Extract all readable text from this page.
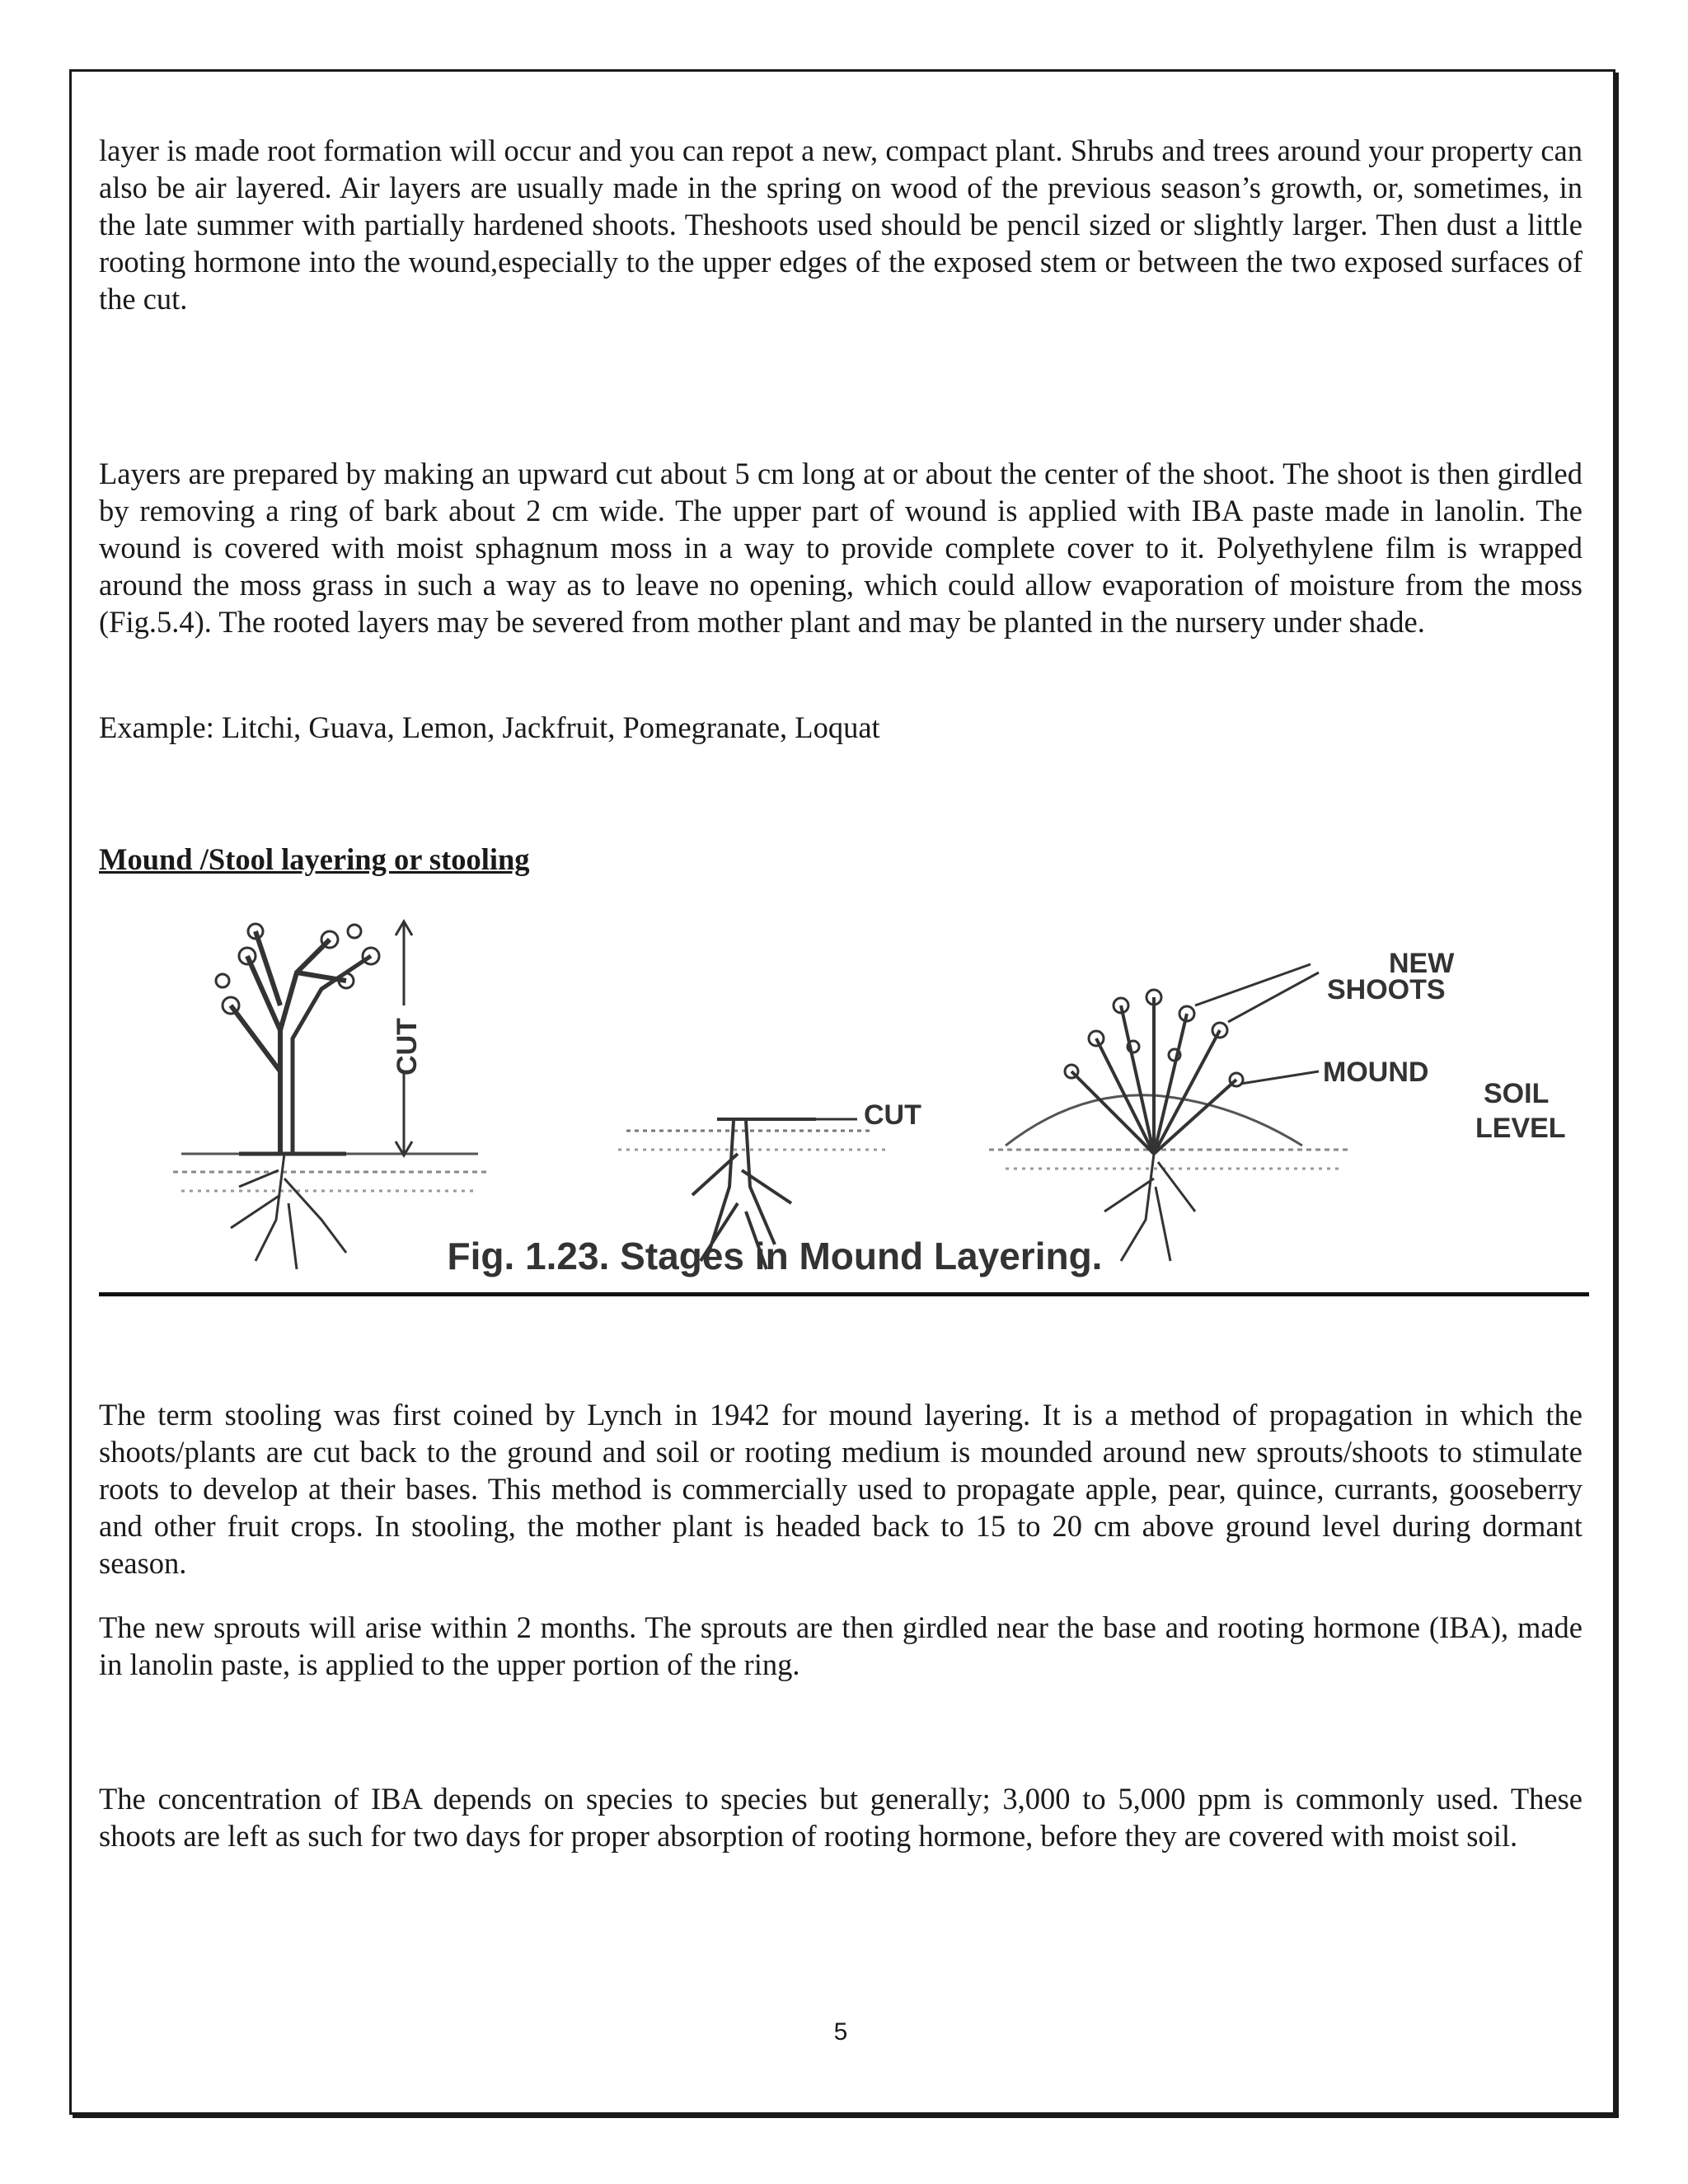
layer is made root formation will occur and you can repot a new, compact plant. Shrubs and trees around your property can also be air layered. Air layers are usually made in the spring on wood of the previous season’s growth, or, sometimes, in the late summer with partially hardened shoots. Theshoots used should be pencil sized or slightly larger. Then dust a little rooting hormone into the wound,especially to the upper edges of the exposed stem or between the two exposed surfaces of the cut.

Layers are prepared by making an upward cut about 5 cm long at or about the center of the shoot. The shoot is then girdled by removing a ring of bark about 2 cm wide. The upper part of wound is applied with IBA paste made in lanolin. The wound is covered with moist sphagnum moss in a way to provide complete cover to it. Polyethylene film is wrapped around the moss grass in such a way as to leave no opening, which could allow evaporation of moisture from the moss (Fig.5.4). The rooted layers may be severed from mother plant and may be planted in the nursery under shade.

Example: Litchi, Guava, Lemon, Jackfruit, Pomegranate, Loquat

Mound /Stool layering or stooling
CUT
CUT
NEW
SHOOTS
MOUND
SOIL
LEVEL
Fig. 1.23. Stages in Mound Layering.

The term stooling was first coined by Lynch in 1942 for mound layering. It is a method of propagation in which the shoots/plants are cut back to the ground and soil or rooting medium is mounded around new sprouts/shoots to stimulate roots to develop at their bases. This method is commercially used to propagate apple, pear, quince, currants, gooseberry and other fruit crops. In stooling, the mother plant is headed back to 15 to 20 cm above ground level during dormant season.

The new sprouts will arise within 2 months. The sprouts are then girdled near the base and rooting hormone (IBA), made in lanolin paste, is applied to the upper portion of the ring.

The concentration of IBA depends on species to species but generally; 3,000 to 5,000 ppm is commonly used. These shoots are left as such for two days for proper absorption of rooting hormone, before they are covered with moist soil.

5
